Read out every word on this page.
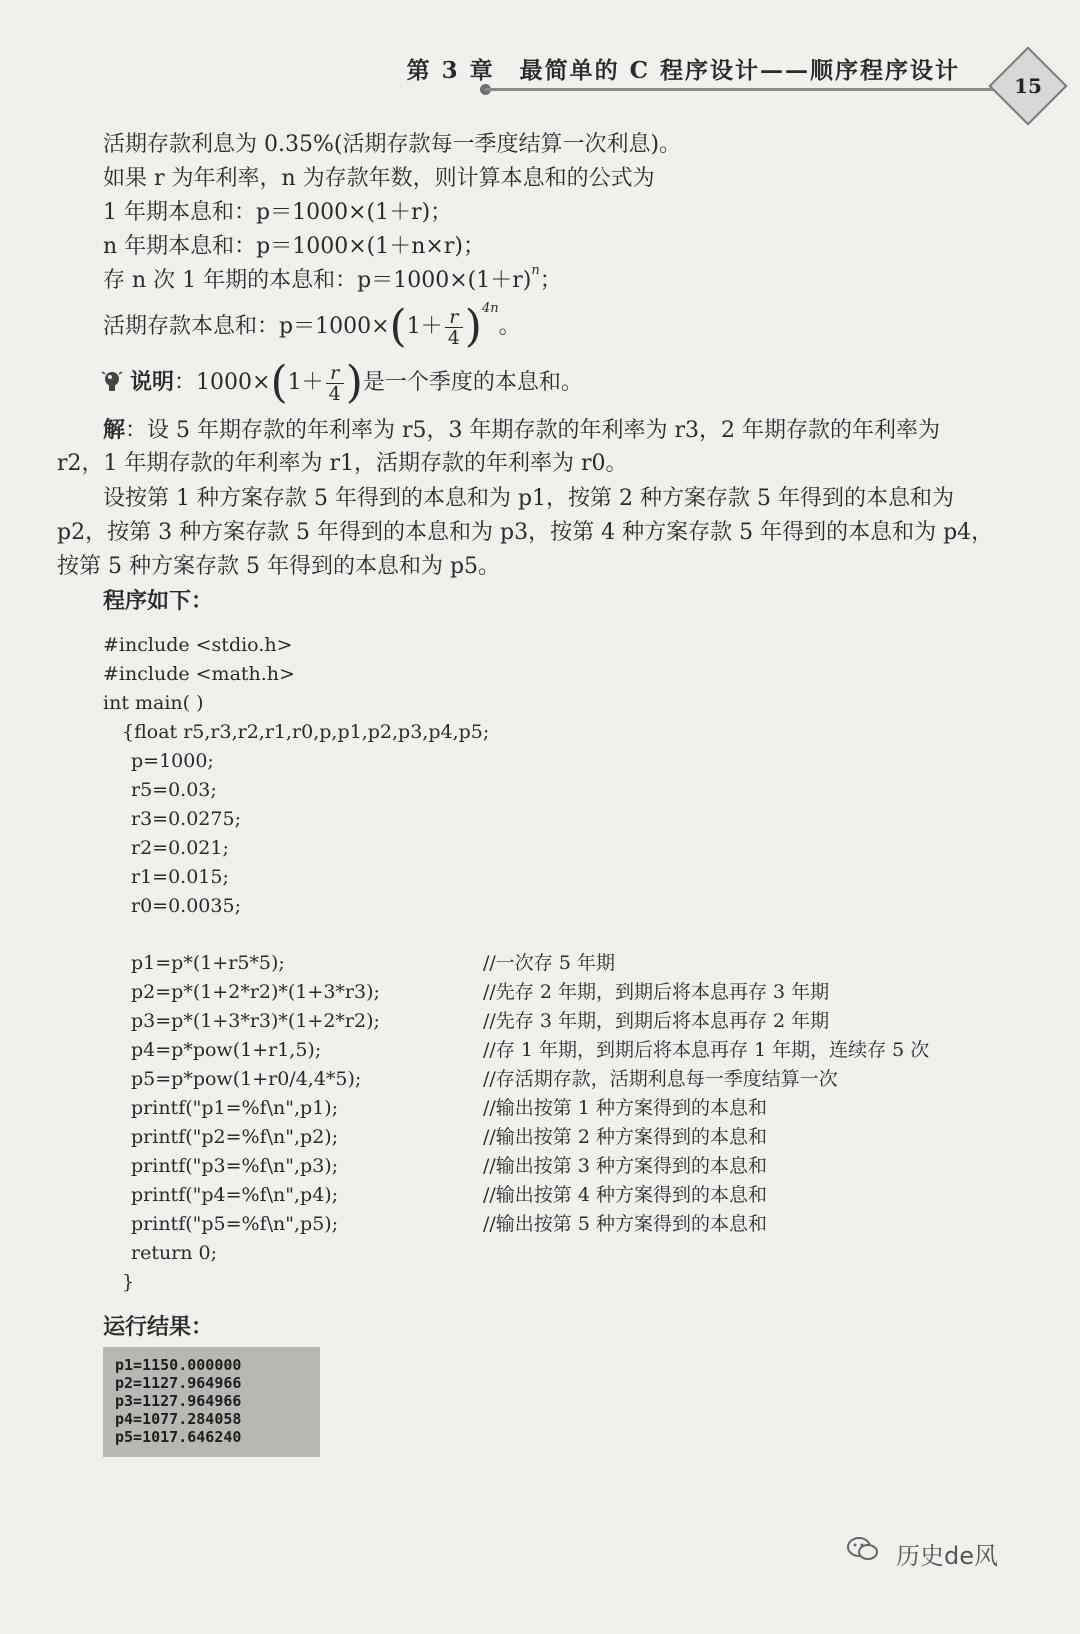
第 3 章　最简单的 C 程序设计——顺序程序设计
15
活期存款利息为 0.35%(活期存款每一季度结算一次利息)。
如果 r 为年利率，n 为存款年数，则计算本息和的公式为
1 年期本息和：p＝1000×(1＋r)；
n 年期本息和：p＝1000×(1＋n×r)；
存 n 次 1 年期的本息和：$p=1000\times(1+r)^n$；
活期存款本息和：$p=1000\times(1+ \frac{r}{4} )^{4n}$。
说明：$1000\times(1+ \frac{r}{4}$ )是一个季度的本息和。
解：设 5 年期存款的年利率为 r5，3 年期存款的年利率为 r3，2 年期存款的年利率为
r2，1 年期存款的年利率为 r1，活期存款的年利率为 r0。
设按第 1 种方案存款 5 年得到的本息和为 p1，按第 2 种方案存款 5 年得到的本息和为
p2，按第 3 种方案存款 5 年得到的本息和为 p3，按第 4 种方案存款 5 年得到的本息和为 p4，
按第 5 种方案存款 5 年得到的本息和为 p5。
程序如下：
#include <stdio.h>
#include <math.h>
int main( )
{float r5,r3,r2,r1,r0,p,p1,p2,p3,p4,p5;
p=1000;
r5=0.03;
r3=0.0275;
r2=0.021;
r1=0.015;
r0=0.0035;
p1=p*(1+r5*5);
p2=p*(1+2*r2)*(1+3*r3);
p3=p*(1+3*r3)*(1+2*r2);
p4=p*pow(1+r1,5);
p5=p*pow(1+r0/4,4*5);
printf("p1=%f\n",p1);
printf("p2=%f\n",p2);
printf("p3=%f\n",p3);
printf("p4=%f\n",p4);
printf("p5=%f\n",p5);
return 0;
}
//一次存 5 年期
//先存 2 年期，到期后将本息再存 3 年期
//先存 3 年期，到期后将本息再存 2 年期
//存 1 年期，到期后将本息再存 1 年期，连续存 5 次
//存活期存款，活期利息每一季度结算一次
//输出按第 1 种方案得到的本息和
//输出按第 2 种方案得到的本息和
//输出按第 3 种方案得到的本息和
//输出按第 4 种方案得到的本息和
//输出按第 5 种方案得到的本息和
运行结果：
p1=1150.000000
p2=1127.964966
p3=1127.964966
p4=1077.284058
p5=1017.646240
历史de风
